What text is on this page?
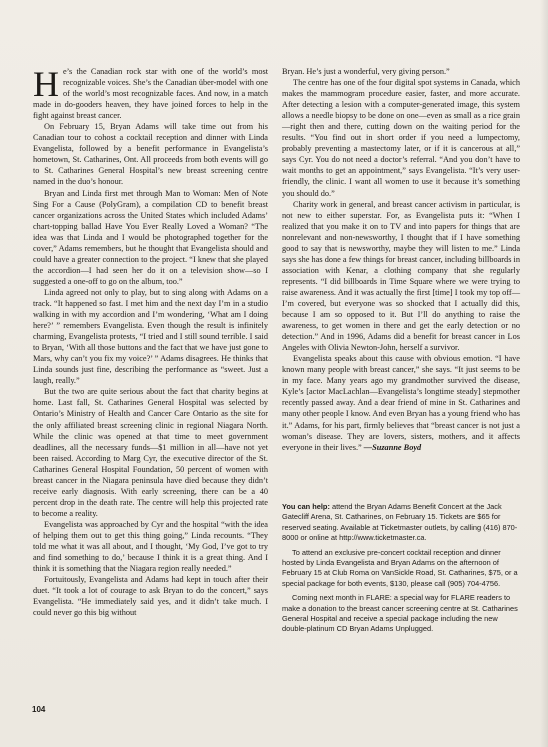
He’s the Canadian rock star with one of the world’s most recognizable voices. She’s the Canadian über-model with one of the world’s most recognizable faces. And now, in a match made in do-gooders heaven, they have joined forces to help in the fight against breast cancer.

On February 15, Bryan Adams will take time out from his Canadian tour to cohost a cocktail reception and dinner with Linda Evangelista, followed by a benefit performance in Evangelista’s hometown, St. Catharines, Ont. All proceeds from both events will go to St. Catharines General Hospital’s new breast screening centre named in the duo’s honour.

Bryan and Linda first met through Man to Woman: Men of Note Sing For a Cause (PolyGram), a compilation CD to benefit breast cancer organizations across the United States which included Adams’ chart-topping ballad Have You Ever Really Loved a Woman? “The idea was that Linda and I would be photographed together for the cover,” Adams remembers, but he thought that Evangelista should and could have a greater connection to the project. “I knew that she played the accordion—I had seen her do it on a television show—so I suggested a one-off to go on the album, too.”

Linda agreed not only to play, but to sing along with Adams on a track. “It happened so fast. I met him and the next day I’m in a studio walking in with my accordion and I’m wondering, ‘What am I doing here?’ ” remembers Evangelista. Even though the result is infinitely charming, Evangelista protests, “I tried and I still sound terrible. I said to Bryan, ‘With all those buttons and the fact that we have just gone to Mars, why can’t you fix my voice?’ ” Adams disagrees. He thinks that Linda sounds just fine, describing the performance as “sweet. Just a laugh, really.”

But the two are quite serious about the fact that charity begins at home. Last fall, St. Catharines General Hospital was selected by Ontario’s Ministry of Health and Cancer Care Ontario as the site for the only affiliated breast screening clinic in regional Niagara North. While the clinic was opened at that time to meet government deadlines, all the necessary funds—$1 million in all—have not yet been raised. According to Marg Cyr, the executive director of the St. Catharines General Hospital Foundation, 50 percent of women with breast cancer in the Niagara peninsula have died because they didn’t receive early diagnosis. With early screening, there can be a 40 percent drop in the death rate. The centre will help this projected rate to become a reality.

Evangelista was approached by Cyr and the hospital “with the idea of helping them out to get this thing going,” Linda recounts. “They told me what it was all about, and I thought, ‘My God, I’ve got to try and find something to do,’ because I think it is a great thing. And I think it is something that the Niagara region really needed.”

Fortuitously, Evangelista and Adams had kept in touch after their duet. “It took a lot of courage to ask Bryan to do the concert,” says Evangelista. “He immediately said yes, and it didn’t take much. I could never go this big without

Bryan. He’s just a wonderful, very giving person.”

The centre has one of the four digital spot systems in Canada, which makes the mammogram procedure easier, faster, and more accurate. After detecting a lesion with a computer-generated image, this system allows a needle biopsy to be done on one—even as small as a rice grain—right then and there, cutting down on the waiting period for the results. “You find out in short order if you need a lumpectomy, probably preventing a mastectomy later, or if it is cancerous at all,” says Cyr. You do not need a doctor’s referral. “And you don’t have to wait months to get an appointment,” says Evangelista. “It’s very user-friendly, the clinic. I want all women to use it because it’s something you should do.”

Charity work in general, and breast cancer activism in particular, is not new to either superstar. For, as Evangelista puts it: “When I realized that you make it on to TV and into papers for things that are nonrelevant and non-newsworthy, I thought that if I have something good to say that is newsworthy, maybe they will listen to me.” Linda says she has done a few things for breast cancer, including billboards in association with Kenar, a clothing company that she regularly represents. “I did billboards in Time Square where we were trying to raise awareness. And it was actually the first [time] I took my top off—I’m covered, but everyone was so shocked that I actually did this, because I am so opposed to it. But I’ll do anything to raise the awareness, to get women in there and get the early detection or no detection.” And in 1996, Adams did a benefit for breast cancer in Los Angeles with Olivia Newton-John, herself a survivor.

Evangelista speaks about this cause with obvious emotion. “I have known many people with breast cancer,” she says. “It just seems to be in my face. Many years ago my grandmother survived the disease, Kyle’s [actor MacLachlan—Evangelista’s longtime steady] stepmother recently passed away. And a dear friend of mine in St. Catharines and many other people I know. And even Bryan has a young friend who has it.” Adams, for his part, firmly believes that “breast cancer is not just a woman’s disease. They are lovers, sisters, mothers, and it affects everyone in their lives.” —Suzanne Boyd

You can help: attend the Bryan Adams Benefit Concert at the Jack Gatecliff Arena, St. Catharines, on February 15. Tickets are $65 for reserved seating. Available at Ticketmaster outlets, by calling (416) 870-8000 or online at http://www.ticketmaster.ca.

To attend an exclusive pre-concert cocktail reception and dinner hosted by Linda Evangelista and Bryan Adams on the afternoon of February 15 at Club Roma on VanSickle Road, St. Catharines, $75, or a special package for both events, $130, please call (905) 704-4756.

Coming next month in FLARE: a special way for FLARE readers to make a donation to the breast cancer screening centre at St. Catharines General Hospital and receive a special package including the new double-platinum CD Bryan Adams Unplugged.

104
